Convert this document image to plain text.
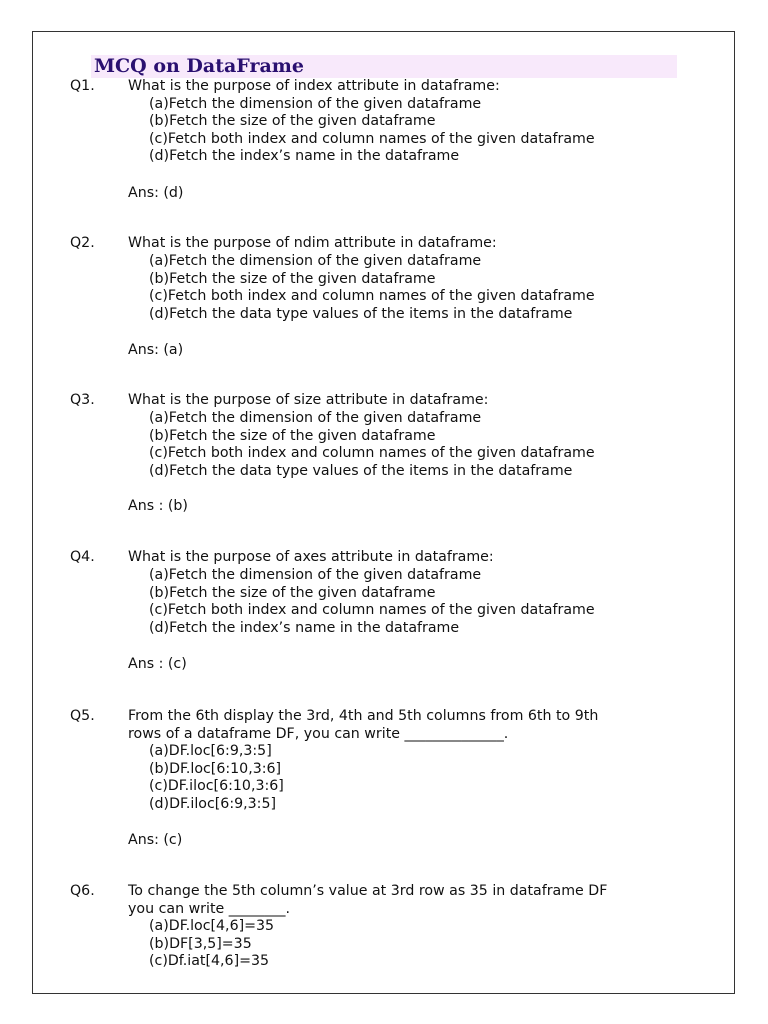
MCQ on DataFrame
Q1. What is the purpose of index attribute in dataframe:
(a)Fetch the dimension of the given dataframe
(b)Fetch the size of the given dataframe
(c)Fetch both index and column names of the given dataframe
(d)Fetch the index’s name in the dataframe
Ans: (d)
Q2. What is the purpose of ndim attribute in dataframe:
(a)Fetch the dimension of the given dataframe
(b)Fetch the size of the given dataframe
(c)Fetch both index and column names of the given dataframe
(d)Fetch the data type values of the items in the dataframe
Ans: (a)
Q3. What is the purpose of size attribute in dataframe:
(a)Fetch the dimension of the given dataframe
(b)Fetch the size of the given dataframe
(c)Fetch both index and column names of the given dataframe
(d)Fetch the data type values of the items in the dataframe
Ans : (b)
Q4. What is the purpose of axes attribute in dataframe:
(a)Fetch the dimension of the given dataframe
(b)Fetch the size of the given dataframe
(c)Fetch both index and column names of the given dataframe
(d)Fetch the index’s name in the dataframe
Ans : (c)
Q5. From the 6th display the 3rd, 4th and 5th columns from 6th to 9th
rows of a dataframe DF, you can write ______________.
(a)DF.loc[6:9,3:5]
(b)DF.loc[6:10,3:6]
(c)DF.iloc[6:10,3:6]
(d)DF.iloc[6:9,3:5]
Ans: (c)
Q6. To change the 5th column’s value at 3rd row as 35 in dataframe DF
you can write ________.
(a)DF.loc[4,6]=35
(b)DF[3,5]=35
(c)Df.iat[4,6]=35
